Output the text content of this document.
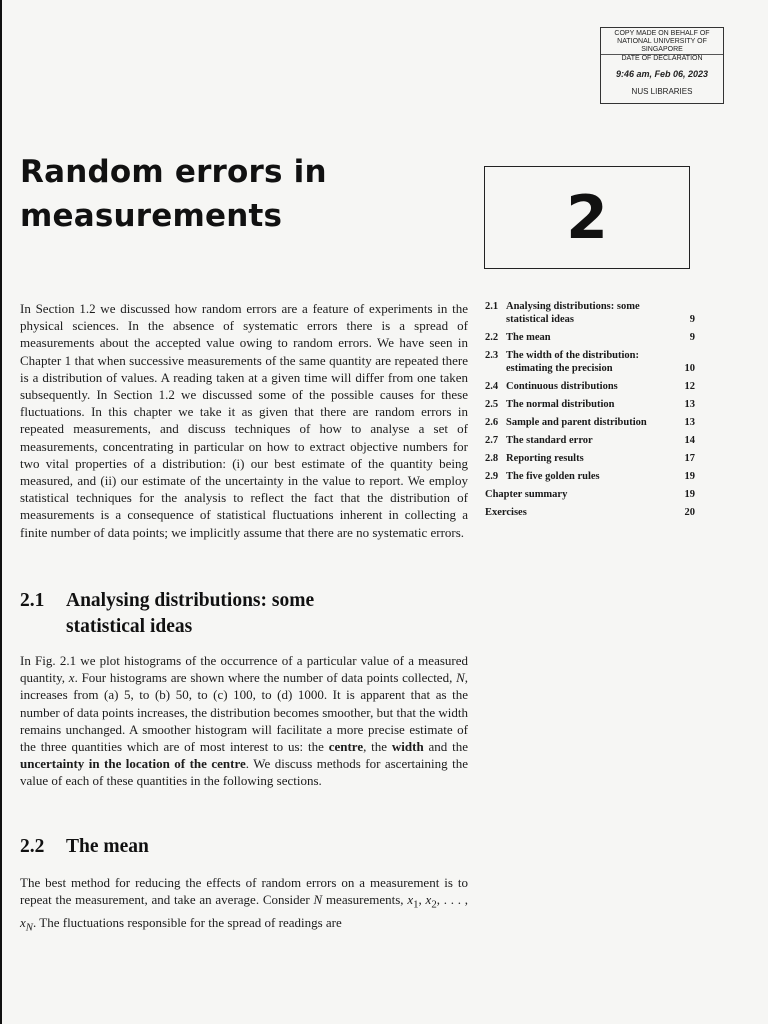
COPY MADE ON BEHALF OF
NATIONAL UNIVERSITY OF SINGAPORE
DATE OF DECLARATION
9:46 am, Feb 06, 2023
NUS LIBRARIES
Random errors in
measurements	2

In Section 1.2 we discussed how random errors are a feature of experiments in the physical sciences. In the absence of systematic errors there is a spread of measurements about the accepted value owing to random errors. We have seen in Chapter 1 that when successive measurements of the same quantity are repeated there is a distribution of values. A reading taken at a given time will differ from one taken subsequently. In Section 1.2 we discussed some of the possible causes for these fluctuations. In this chapter we take it as given that there are random errors in repeated measurements, and discuss techniques of how to analyse a set of measurements, concentrating in particular on how to extract objective numbers for two vital properties of a distribution: (i) our best estimate of the quantity being measured, and (ii) our estimate of the uncertainty in the value to report. We employ statistical techniques for the analysis to reflect the fact that the distribution of measurements is a consequence of statistical fluctuations inherent in collecting a finite number of data points; we implicitly assume that there are no systematic errors.

2.1 Analysing distributions: some statistical ideas	9
2.2 The mean	9
2.3 The width of the distribution: estimating the precision	10
2.4 Continuous distributions	12
2.5 The normal distribution	13
2.6 Sample and parent distribution	13
2.7 The standard error	14
2.8 Reporting results	17
2.9 The five golden rules	19
Chapter summary	19
Exercises	20
2.1 Analysing distributions: some
statistical ideas

In Fig. 2.1 we plot histograms of the occurrence of a particular value of a measured quantity, x. Four histograms are shown where the number of data points collected, N, increases from (a) 5, to (b) 50, to (c) 100, to (d) 1000. It is apparent that as the number of data points increases, the distribution becomes smoother, but that the width remains unchanged. A smoother histogram will facilitate a more precise estimate of the three quantities which are of most interest to us: the centre, the width and the uncertainty in the location of the centre. We discuss methods for ascertaining the value of each of these quantities in the following sections.

2.2 The mean

The best method for reducing the effects of random errors on a measurement is to repeat the measurement, and take an average. Consider N measurements, $x_1$, $x_2$, . . . , $x_N$. The fluctuations responsible for the spread of readings are
